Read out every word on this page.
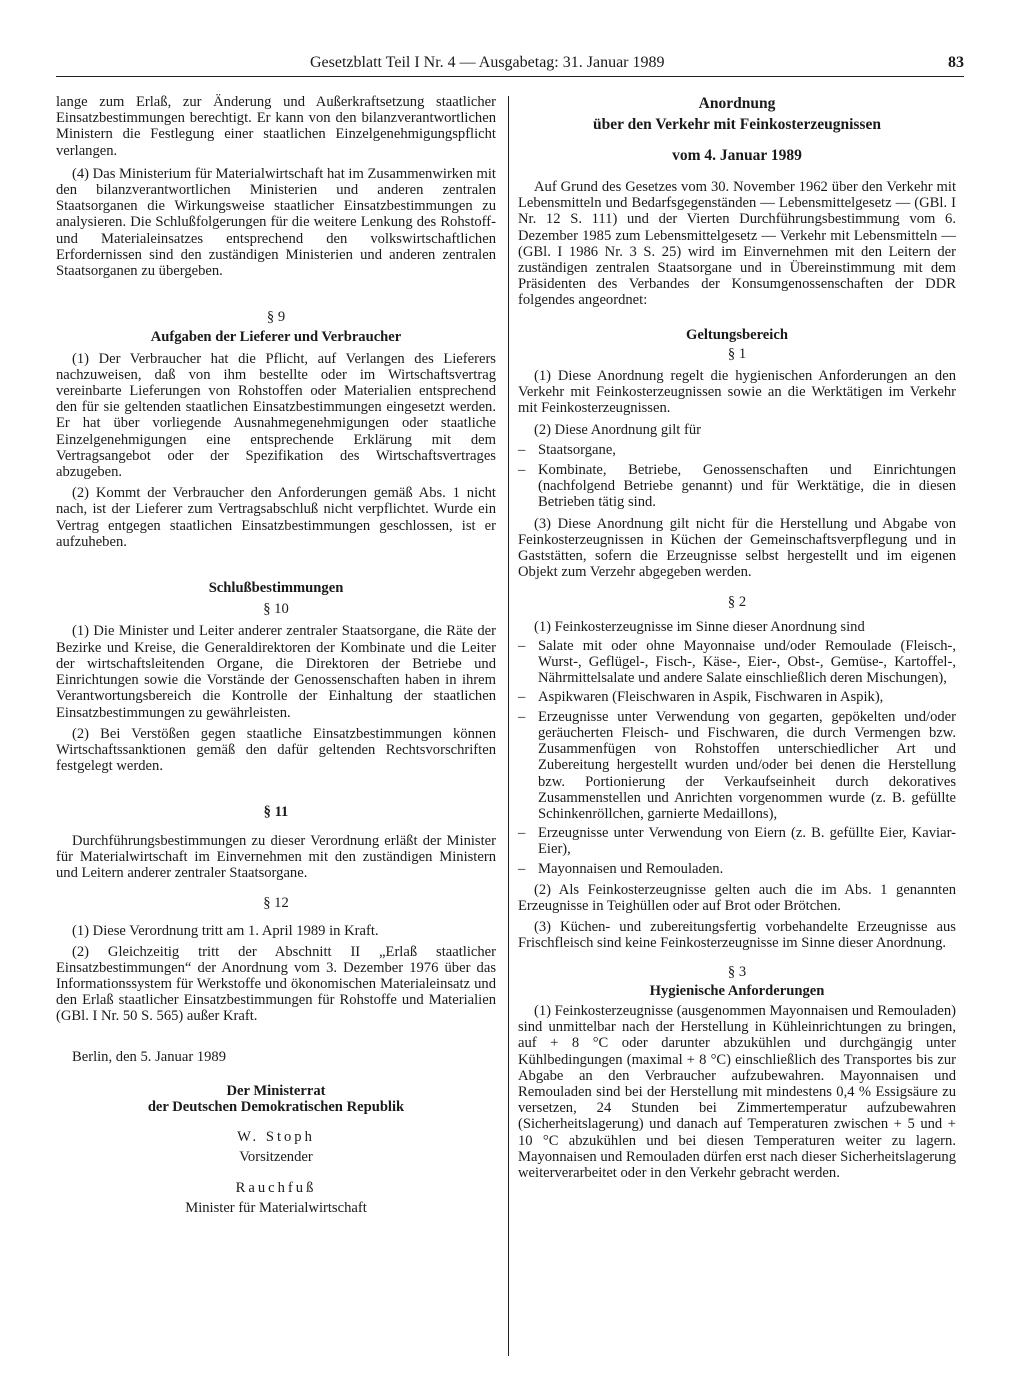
Gesetzblatt Teil I Nr. 4 — Ausgabetag: 31. Januar 1989	83

lange zum Erlaß, zur Änderung und Außerkraftsetzung staatlicher Einsatzbestimmungen berechtigt. Er kann von den bilanzverantwortlichen Ministern die Festlegung einer staatlichen Einzelgenehmigungspflicht verlangen.

(4) Das Ministerium für Materialwirtschaft hat im Zusammenwirken mit den bilanzverantwortlichen Ministerien und anderen zentralen Staatsorganen die Wirkungsweise staatlicher Einsatzbestimmungen zu analysieren. Die Schlußfolgerungen für die weitere Lenkung des Rohstoff- und Materialeinsatzes entsprechend den volkswirtschaftlichen Erfordernissen sind den zuständigen Ministerien und anderen zentralen Staatsorganen zu übergeben.

§ 9

Aufgaben der Lieferer und Verbraucher

(1) Der Verbraucher hat die Pflicht, auf Verlangen des Lieferers nachzuweisen, daß von ihm bestellte oder im Wirtschaftsvertrag vereinbarte Lieferungen von Rohstoffen oder Materialien entsprechend den für sie geltenden staatlichen Einsatzbestimmungen eingesetzt werden. Er hat über vorliegende Ausnahmegenehmigungen oder staatliche Einzelgenehmigungen eine entsprechende Erklärung mit dem Vertragsangebot oder der Spezifikation des Wirtschaftsvertrages abzugeben.

(2) Kommt der Verbraucher den Anforderungen gemäß Abs. 1 nicht nach, ist der Lieferer zum Vertragsabschluß nicht verpflichtet. Wurde ein Vertrag entgegen staatlichen Einsatzbestimmungen geschlossen, ist er aufzuheben.

Schlußbestimmungen

§ 10

(1) Die Minister und Leiter anderer zentraler Staatsorgane, die Räte der Bezirke und Kreise, die Generaldirektoren der Kombinate und die Leiter der wirtschaftsleitenden Organe, die Direktoren der Betriebe und Einrichtungen sowie die Vorstände der Genossenschaften haben in ihrem Verantwortungsbereich die Kontrolle der Einhaltung der staatlichen Einsatzbestimmungen zu gewährleisten.

(2) Bei Verstößen gegen staatliche Einsatzbestimmungen können Wirtschaftssanktionen gemäß den dafür geltenden Rechtsvorschriften festgelegt werden.

§ 11

Durchführungsbestimmungen zu dieser Verordnung erläßt der Minister für Materialwirtschaft im Einvernehmen mit den zuständigen Ministern und Leitern anderer zentraler Staatsorgane.

§ 12

(1) Diese Verordnung tritt am 1. April 1989 in Kraft.

(2) Gleichzeitig tritt der Abschnitt II „Erlaß staatlicher Einsatzbestimmungen“ der Anordnung vom 3. Dezember 1976 über das Informationssystem für Werkstoffe und ökonomischen Materialeinsatz und den Erlaß staatlicher Einsatzbestimmungen für Rohstoffe und Materialien (GBl. I Nr. 50 S. 565) außer Kraft.

Berlin, den 5. Januar 1989

Der Ministerrat

der Deutschen Demokratischen Republik

W. Stoph

Vorsitzender

Rauchfuß

Minister für Materialwirtschaft

Anordnung

über den Verkehr mit Feinkosterzeugnissen

vom 4. Januar 1989

Auf Grund des Gesetzes vom 30. November 1962 über den Verkehr mit Lebensmitteln und Bedarfsgegenständen — Lebensmittelgesetz — (GBl. I Nr. 12 S. 111) und der Vierten Durchführungsbestimmung vom 6. Dezember 1985 zum Lebensmittelgesetz — Verkehr mit Lebensmitteln — (GBl. I 1986 Nr. 3 S. 25) wird im Einvernehmen mit den Leitern der zuständigen zentralen Staatsorgane und in Übereinstimmung mit dem Präsidenten des Verbandes der Konsumgenossenschaften der DDR folgendes angeordnet:

Geltungsbereich

§ 1

(1) Diese Anordnung regelt die hygienischen Anforderungen an den Verkehr mit Feinkosterzeugnissen sowie an die Werktätigen im Verkehr mit Feinkosterzeugnissen.

(2) Diese Anordnung gilt für

– Staatsorgane,
– Kombinate, Betriebe, Genossenschaften und Einrichtungen (nachfolgend Betriebe genannt) und für Werktätige, die in diesen Betrieben tätig sind.

(3) Diese Anordnung gilt nicht für die Herstellung und Abgabe von Feinkosterzeugnissen in Küchen der Gemeinschaftsverpflegung und in Gaststätten, sofern die Erzeugnisse selbst hergestellt und im eigenen Objekt zum Verzehr abgegeben werden.

§ 2

(1) Feinkosterzeugnisse im Sinne dieser Anordnung sind

– Salate mit oder ohne Mayonnaise und/oder Remoulade (Fleisch-, Wurst-, Geflügel-, Fisch-, Käse-, Eier-, Obst-, Gemüse-, Kartoffel-, Nährmittelsalate und andere Salate einschließlich deren Mischungen),
– Aspikwaren (Fleischwaren in Aspik, Fischwaren in Aspik),
– Erzeugnisse unter Verwendung von gegarten, gepökelten und/oder geräucherten Fleisch- und Fischwaren, die durch Vermengen bzw. Zusammenfügen von Rohstoffen unterschiedlicher Art und Zubereitung hergestellt wurden und/oder bei denen die Herstellung bzw. Portionierung der Verkaufseinheit durch dekoratives Zusammenstellen und Anrichten vorgenommen wurde (z. B. gefüllte Schinkenröllchen, garnierte Medaillons),
– Erzeugnisse unter Verwendung von Eiern (z. B. gefüllte Eier, Kaviar-Eier),
– Mayonnaisen und Remouladen.

(2) Als Feinkosterzeugnisse gelten auch die im Abs. 1 genannten Erzeugnisse in Teighüllen oder auf Brot oder Brötchen.

(3) Küchen- und zubereitungsfertig vorbehandelte Erzeugnisse aus Frischfleisch sind keine Feinkosterzeugnisse im Sinne dieser Anordnung.

§ 3

Hygienische Anforderungen

(1) Feinkosterzeugnisse (ausgenommen Mayonnaisen und Remouladen) sind unmittelbar nach der Herstellung in Kühleinrichtungen zu bringen, auf + 8 °C oder darunter abzukühlen und durchgängig unter Kühlbedingungen (maximal + 8 °C) einschließlich des Transportes bis zur Abgabe an den Verbraucher aufzubewahren. Mayonnaisen und Remouladen sind bei der Herstellung mit mindestens 0,4 % Essigsäure zu versetzen, 24 Stunden bei Zimmertemperatur aufzubewahren (Sicherheitslagerung) und danach auf Temperaturen zwischen + 5 und + 10 °C abzukühlen und bei diesen Temperaturen weiter zu lagern. Mayonnaisen und Remouladen dürfen erst nach dieser Sicherheitslagerung weiterverarbeitet oder in den Verkehr gebracht werden.
